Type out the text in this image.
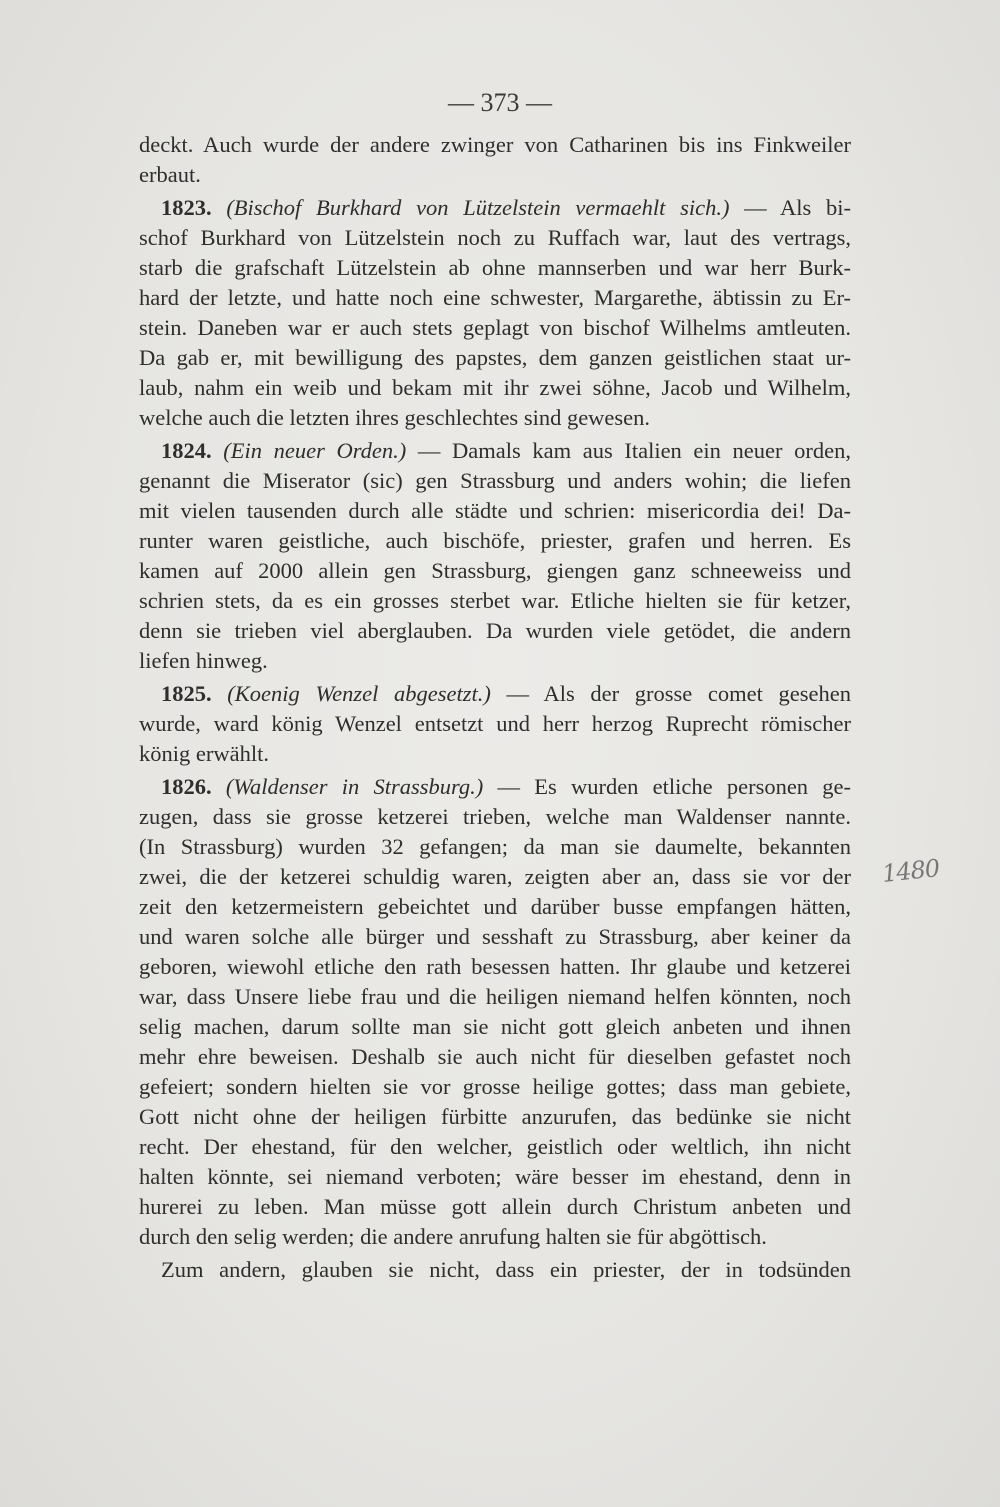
— 373 —
deckt. Auch wurde der andere zwinger von Catharinen bis ins Finkweiler
erbaut.
1823. (Bischof Burkhard von Lützelstein vermaehlt sich.) — Als bi-
schof Burkhard von Lützelstein noch zu Ruffach war, laut des vertrags,
starb die grafschaft Lützelstein ab ohne mannserben und war herr Burk-
hard der letzte, und hatte noch eine schwester, Margarethe, äbtissin zu Er-
stein. Daneben war er auch stets geplagt von bischof Wilhelms amtleuten.
Da gab er, mit bewilligung des papstes, dem ganzen geistlichen staat ur-
laub, nahm ein weib und bekam mit ihr zwei söhne, Jacob und Wilhelm,
welche auch die letzten ihres geschlechtes sind gewesen.
1824. (Ein neuer Orden.) — Damals kam aus Italien ein neuer orden,
genannt die Miserator (sic) gen Strassburg und anders wohin; die liefen
mit vielen tausenden durch alle städte und schrien: misericordia dei! Da-
runter waren geistliche, auch bischöfe, priester, grafen und herren. Es
kamen auf 2000 allein gen Strassburg, giengen ganz schneeweiss und
schrien stets, da es ein grosses sterbet war. Etliche hielten sie für ketzer,
denn sie trieben viel aberglauben. Da wurden viele getödet, die andern
liefen hinweg.
1825. (Koenig Wenzel abgesetzt.) — Als der grosse comet gesehen
wurde, ward könig Wenzel entsetzt und herr herzog Ruprecht römischer
könig erwählt.
1826. (Waldenser in Strassburg.) — Es wurden etliche personen ge-
zugen, dass sie grosse ketzerei trieben, welche man Waldenser nannte.
(In Strassburg) wurden 32 gefangen; da man sie daumelte, bekannten
zwei, die der ketzerei schuldig waren, zeigten aber an, dass sie vor der
zeit den ketzermeistern gebeichtet und darüber busse empfangen hätten,
und waren solche alle bürger und sesshaft zu Strassburg, aber keiner da
geboren, wiewohl etliche den rath besessen hatten. Ihr glaube und ketzerei
war, dass Unsere liebe frau und die heiligen niemand helfen könnten, noch
selig machen, darum sollte man sie nicht gott gleich anbeten und ihnen
mehr ehre beweisen. Deshalb sie auch nicht für dieselben gefastet noch
gefeiert; sondern hielten sie vor grosse heilige gottes; dass man gebiete,
Gott nicht ohne der heiligen fürbitte anzurufen, das bedünke sie nicht
recht. Der ehestand, für den welcher, geistlich oder weltlich, ihn nicht
halten könnte, sei niemand verboten; wäre besser im ehestand, denn in
hurerei zu leben. Man müsse gott allein durch Christum anbeten und
durch den selig werden; die andere anrufung halten sie für abgöttisch.
Zum andern, glauben sie nicht, dass ein priester, der in todsünden
1480
